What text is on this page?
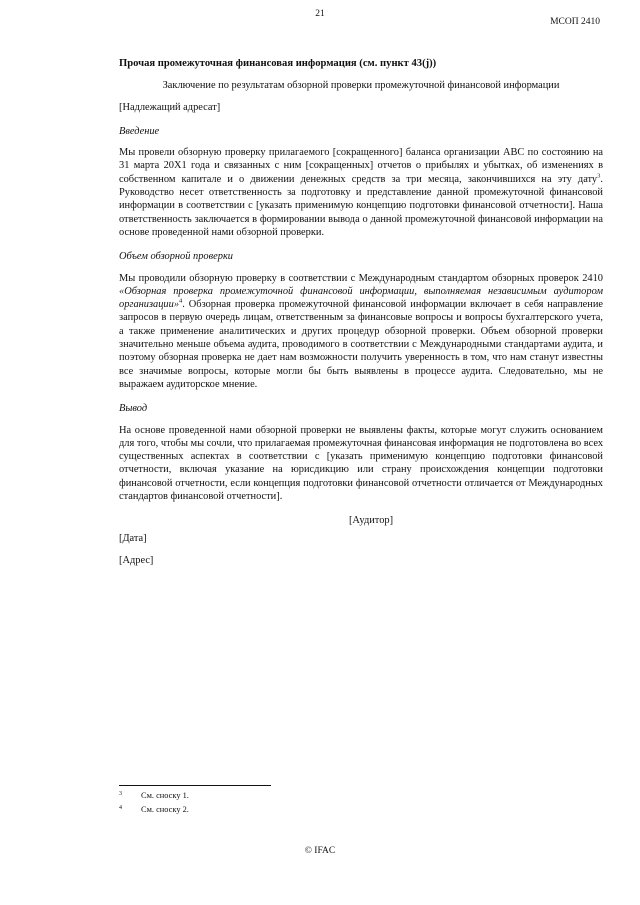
21
МСОП 2410

Прочая промежуточная финансовая информация (см. пункт 43(j))

Заключение по результатам обзорной проверки промежуточной финансовой информации

[Надлежащий адресат]

Введение

Мы провели обзорную проверку прилагаемого [сокращенного] баланса организации ABC по состоянию на 31 марта 20X1 года и связанных с ним [сокращенных] отчетов о прибылях и убытках, об изменениях в собственном капитале и о движении денежных средств за три месяца, закончившихся на эту дату$^3$. Руководство несет ответственность за подготовку и представление данной промежуточной финансовой информации в соответствии с [указать применимую концепцию подготовки финансовой отчетности]. Наша ответственность заключается в формировании вывода о данной промежуточной финансовой информации на основе проведенной нами обзорной проверки.

Объем обзорной проверки

Мы проводили обзорную проверку в соответствии с Международным стандартом обзорных проверок 2410 «Обзорная проверка промежуточной финансовой информации, выполняемая независимым аудитором организации»$^4$. Обзорная проверка промежуточной финансовой информации включает в себя направление запросов в первую очередь лицам, ответственным за финансовые вопросы и вопросы бухгалтерского учета, а также применение аналитических и других процедур обзорной проверки. Объем обзорной проверки значительно меньше объема аудита, проводимого в соответствии с Международными стандартами аудита, и поэтому обзорная проверка не дает нам возможности получить уверенность в том, что нам станут известны все значимые вопросы, которые могли бы быть выявлены в процессе аудита. Следовательно, мы не выражаем аудиторское мнение.

Вывод

На основе проведенной нами обзорной проверки не выявлены факты, которые могут служить основанием для того, чтобы мы сочли, что прилагаемая промежуточная финансовая информация не подготовлена во всех существенных аспектах в соответствии с [указать применимую концепцию подготовки финансовой отчетности, включая указание на юрисдикцию или страну происхождения концепции подготовки финансовой отчетности, если концепция подготовки финансовой отчетности отличается от Международных стандартов финансовой отчетности].

[Аудитор]

[Дата]

[Адрес]

3 См. сноску 1.
4 См. сноску 2.
© IFAC
